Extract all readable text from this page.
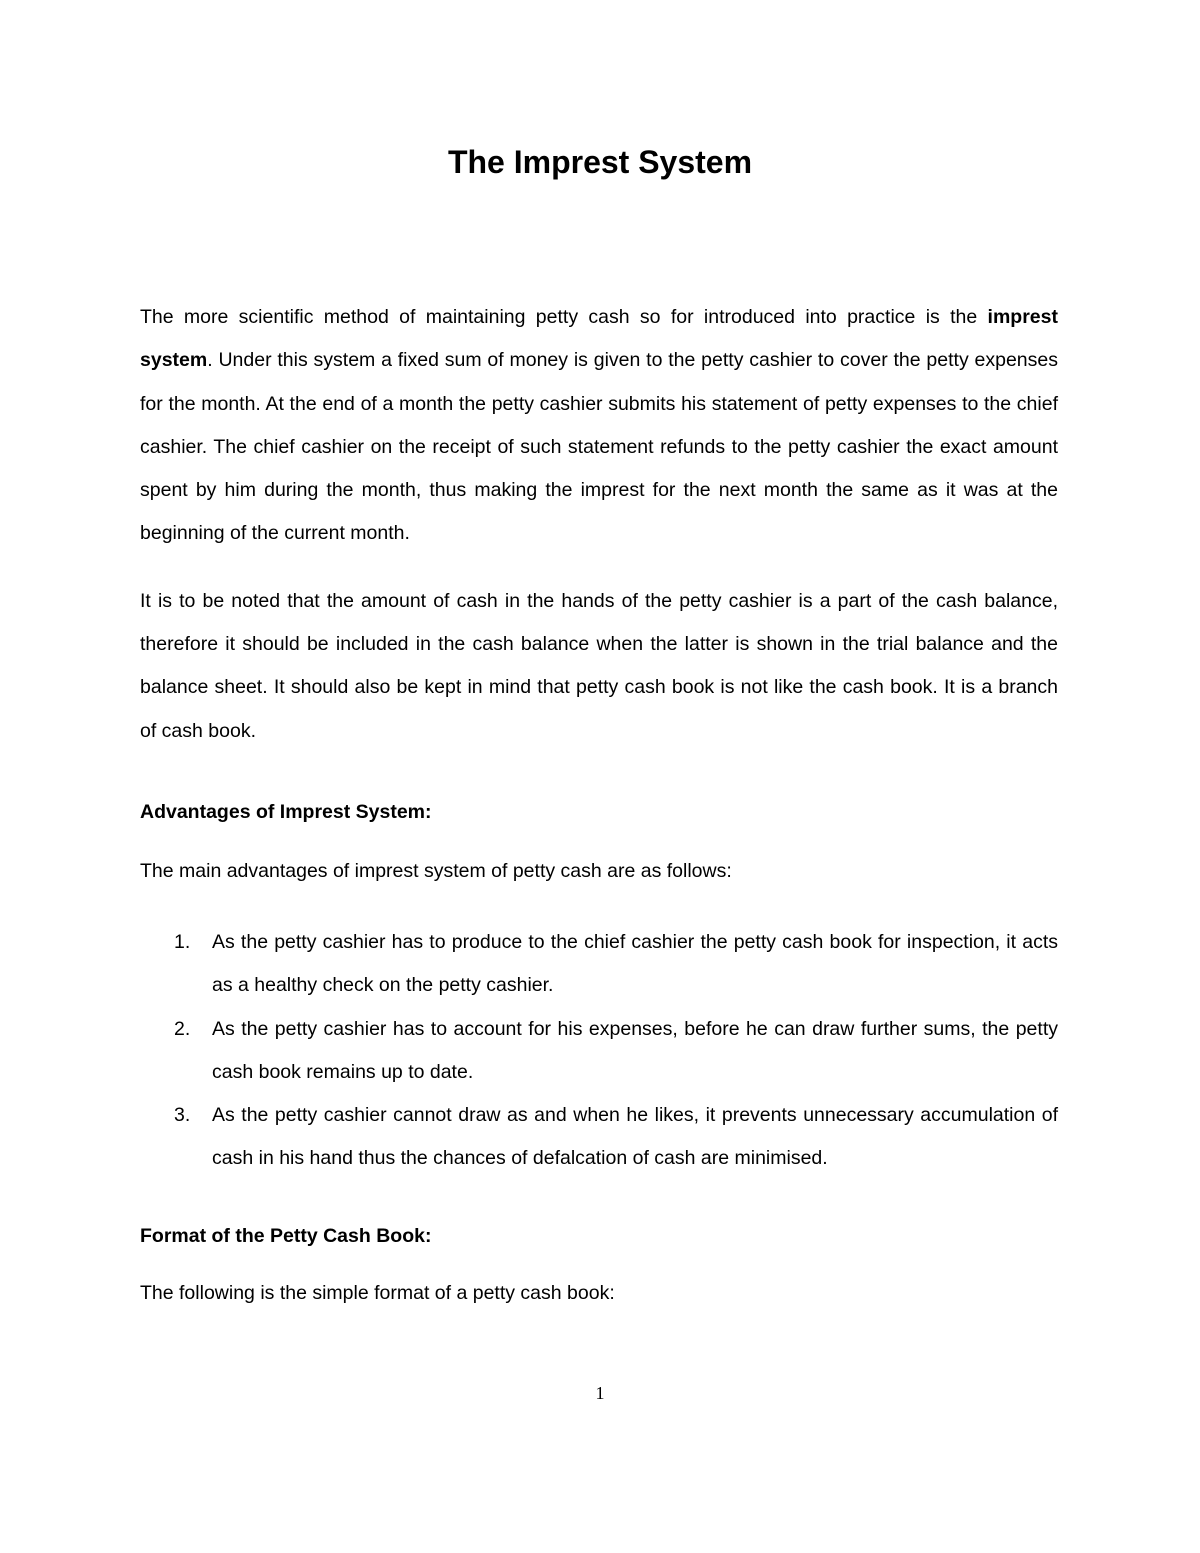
The Imprest System

The more scientific method of maintaining petty cash so for introduced into practice is the imprest system. Under this system a fixed sum of money is given to the petty cashier to cover the petty expenses for the month. At the end of a month the petty cashier submits his statement of petty expenses to the chief cashier. The chief cashier on the receipt of such statement refunds to the petty cashier the exact amount spent by him during the month, thus making the imprest for the next month the same as it was at the beginning of the current month.

It is to be noted that the amount of cash in the hands of the petty cashier is a part of the cash balance, therefore it should be included in the cash balance when the latter is shown in the trial balance and the balance sheet. It should also be kept in mind that petty cash book is not like the cash book. It is a branch of cash book.

Advantages of Imprest System:

The main advantages of imprest system of petty cash are as follows:

1. As the petty cashier has to produce to the chief cashier the petty cash book for inspection, it acts as a healthy check on the petty cashier.
2. As the petty cashier has to account for his expenses, before he can draw further sums, the petty cash book remains up to date.
3. As the petty cashier cannot draw as and when he likes, it prevents unnecessary accumulation of cash in his hand thus the chances of defalcation of cash are minimised.

Format of the Petty Cash Book:

The following is the simple format of a petty cash book:

1
